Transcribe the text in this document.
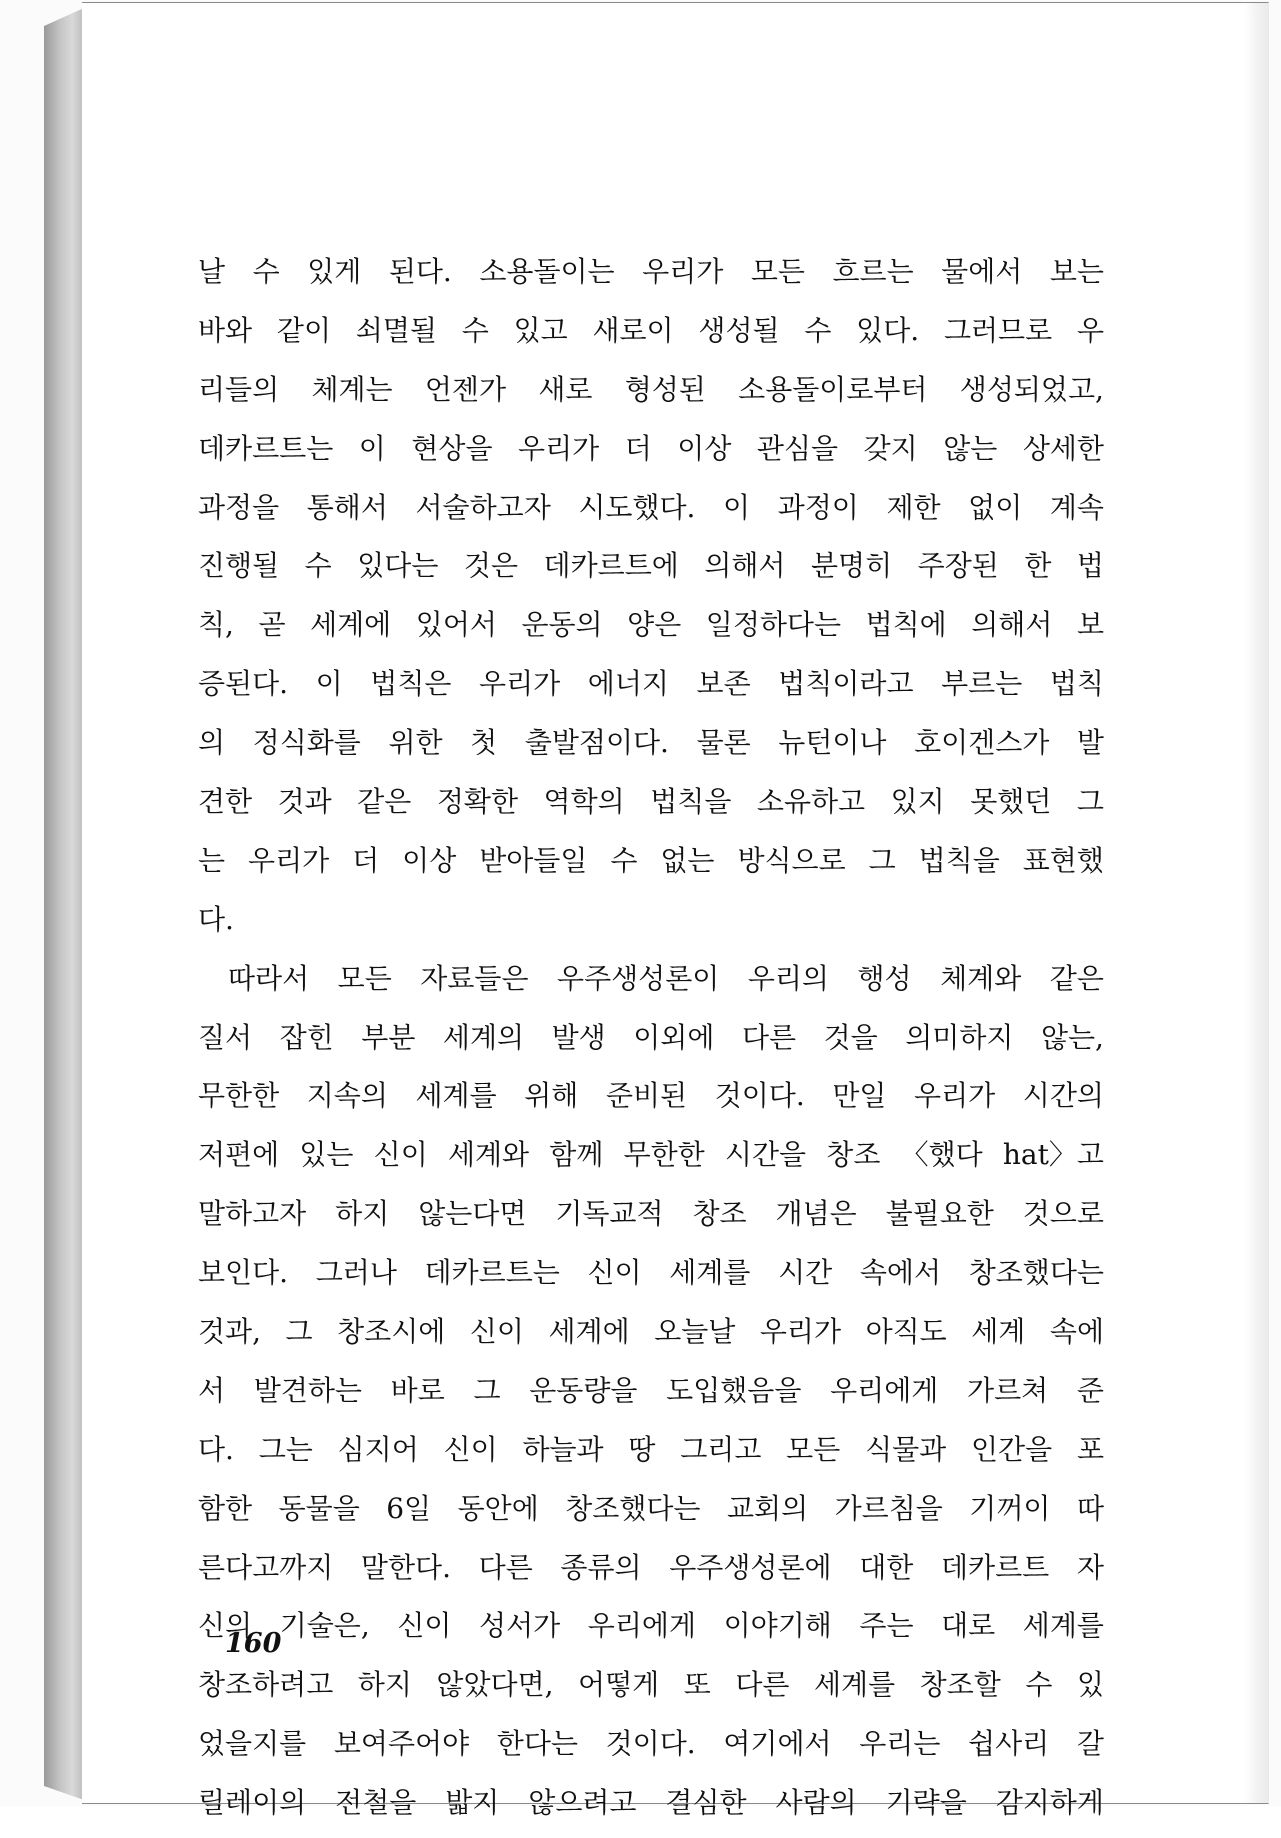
날 수 있게 된다. 소용돌이는 우리가 모든 흐르는 물에서 보는
바와 같이 쇠멸될 수 있고 새로이 생성될 수 있다. 그러므로 우
리들의 체계는 언젠가 새로 형성된 소용돌이로부터 생성되었고,
데카르트는 이 현상을 우리가 더 이상 관심을 갖지 않는 상세한
과정을 통해서 서술하고자 시도했다. 이 과정이 제한 없이 계속
진행될 수 있다는 것은 데카르트에 의해서 분명히 주장된 한 법
칙, 곧 세계에 있어서 운동의 양은 일정하다는 법칙에 의해서 보
증된다. 이 법칙은 우리가 에너지 보존 법칙이라고 부르는 법칙
의 정식화를 위한 첫 출발점이다. 물론 뉴턴이나 호이겐스가 발
견한 것과 같은 정확한 역학의 법칙을 소유하고 있지 못했던 그
는 우리가 더 이상 받아들일 수 없는 방식으로 그 법칙을 표현했
다.
따라서 모든 자료들은 우주생성론이 우리의 행성 체계와 같은
질서 잡힌 부분 세계의 발생 이외에 다른 것을 의미하지 않는,
무한한 지속의 세계를 위해 준비된 것이다. 만일 우리가 시간의
저편에 있는 신이 세계와 함께 무한한 시간을 창조 〈했다 hat〉고
말하고자 하지 않는다면 기독교적 창조 개념은 불필요한 것으로
보인다. 그러나 데카르트는 신이 세계를 시간 속에서 창조했다는
것과, 그 창조시에 신이 세계에 오늘날 우리가 아직도 세계 속에
서 발견하는 바로 그 운동량을 도입했음을 우리에게 가르쳐 준
다. 그는 심지어 신이 하늘과 땅 그리고 모든 식물과 인간을 포
함한 동물을 6일 동안에 창조했다는 교회의 가르침을 기꺼이 따
른다고까지 말한다. 다른 종류의 우주생성론에 대한 데카르트 자
신의 기술은, 신이 성서가 우리에게 이야기해 주는 대로 세계를
창조하려고 하지 않았다면, 어떻게 또 다른 세계를 창조할 수 있
었을지를 보여주어야 한다는 것이다. 여기에서 우리는 쉽사리 갈
릴레이의 전철을 밟지 않으려고 결심한 사람의 기략을 감지하게
160
